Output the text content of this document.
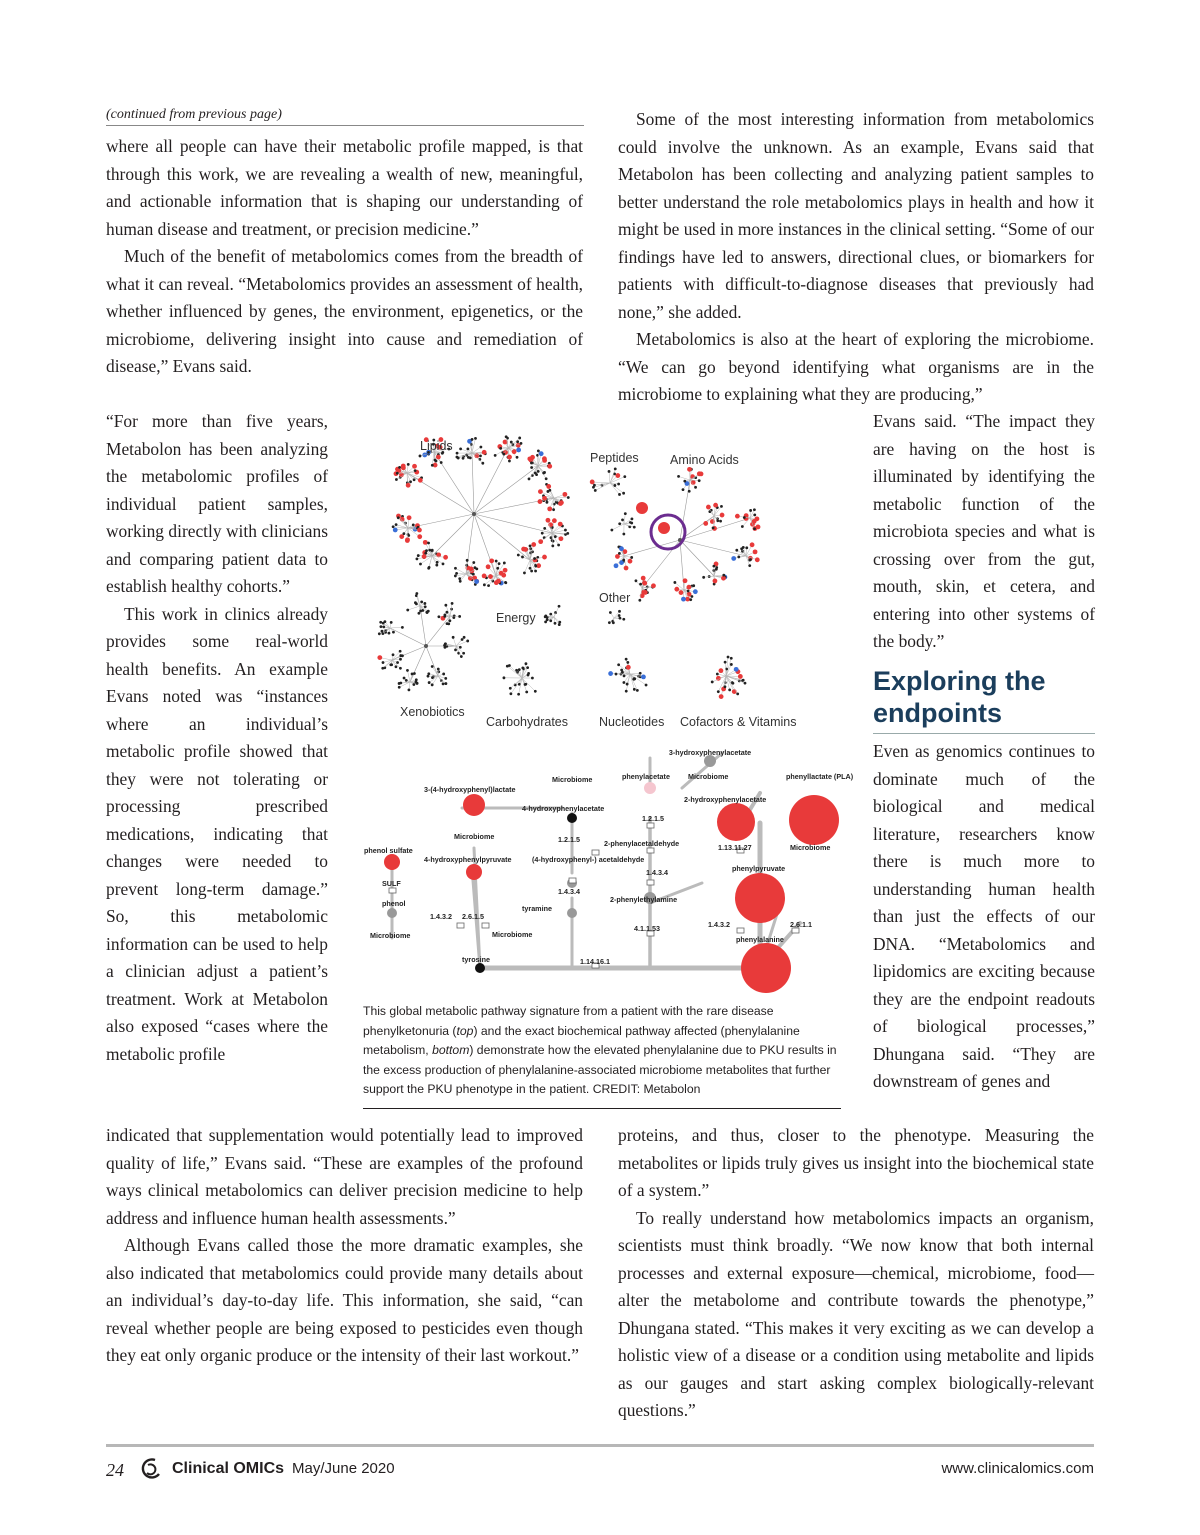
(continued from previous page)

where all people can have their metabolic profile mapped, is that through this work, we are revealing a wealth of new, meaningful, and actionable information that is shaping our understanding of human disease and treatment, or precision medicine.”

Much of the benefit of metabolomics comes from the breadth of what it can reveal. “Metabolomics provides an assessment of health, whether influenced by genes, the environment, epigenetics, or the microbiome, delivering insight into cause and remediation of disease,” Evans said.

“For more than five years, Metabolon has been analyzing the metabolomic profiles of individual patient samples, working directly with clinicians and comparing patient data to establish healthy cohorts.”

This work in clinics already provides some real-world health benefits. An example Evans noted was “instances where an individual’s metabolic profile showed that they were not tolerating or processing prescribed medications, indicating that changes were needed to prevent long-term damage.” So, this metabolomic information can be used to help a clinician adjust a patient’s treatment. Work at Metabolon also exposed “cases where the metabolic profile

indicated that supplementation would potentially lead to improved quality of life,” Evans said. “These are examples of the profound ways clinical metabolomics can deliver precision medicine to help address and influence human health assessments.”

Although Evans called those the more dramatic examples, she also indicated that metabolomics could provide many details about an individual’s day-to-day life. This information, she said, “can reveal whether people are being exposed to pesticides even though they eat only organic produce or the intensity of their last workout.”

Some of the most interesting information from metabolomics could involve the unknown. As an example, Evans said that Metabolon has been collecting and analyzing patient samples to better understand the role metabolomics plays in health and how it might be used in more instances in the clinical setting. “Some of our findings have led to answers, directional clues, or biomarkers for patients with difficult-to-diagnose diseases that previously had none,” she added.

Metabolomics is also at the heart of exploring the microbiome. “We can go beyond identifying what organisms are in the microbiome to explaining what they are producing,”

Evans said. “The impact they are having on the host is illuminated by identifying the metabolic function of the microbiota species and what is crossing over from the gut, mouth, skin, et cetera, and entering into other systems of the body.”

Exploring the endpoints

Even as genomics continues to dominate much of the biological and medical literature, researchers know there is much more to understanding human health than just the effects of our DNA. “Metabolomics and lipidomics are exciting because they are the endpoint readouts of biological processes,” Dhungana said. “They are downstream of genes and

proteins, and thus, closer to the phenotype. Measuring the metabolites or lipids truly gives us insight into the biochemical state of a system.”

To really understand how metabolomics impacts an organism, scientists must think broadly. “We now know that both internal processes and external exposure—chemical, microbiome, food—alter the metabolome and contribute towards the phenotype,” Dhungana stated. “This makes it very exciting as we can develop a holistic view of a disease or a condition using metabolite and lipids as our gauges and start asking complex biologically-relevant questions.”

Lipids
Peptides	Amino Acids
Other
Energy
Xenobiotics
Carbohydrates Nucleotides Cofactors & Vitamins
3-hydroxyphenylacetate
3-(4-hydroxyphenyl)lactate
Microbiome	phenylacetate	Microbiome	phenyllactate (PLA)
4-hydroxyphenylacetate
2-hydroxyphenylacetate
Microbiome
1.2.1.5
1.2.1.5	2-phenylacetaldehyde	1.13.11.27	Microbiome
phenol sulfate
4-hydroxyphenylpyruvate	(4-hydroxyphenyl-) acetaldehyde
phenylpyruvate
SULF
1.4.3.4
1.4.3.4
2-phenylethylamine
phenol
tyramine
1.4.3.2 2.6.1.5
Microbiome
4.1.1.53	1.4.3.2	2.6.1.1
Microbiome	phenylalanine
tyrosine	1.14.16.1
This global metabolic pathway signature from a patient with the rare disease phenylketonuria (top) and the exact biochemical pathway affected (phenylalanine metabolism, bottom) demonstrate how the elevated phenylalanine due to PKU results in the excess production of phenylalanine-associated microbiome metabolites that further support the PKU phenotype in the patient. CREDIT: Metabolon
24	Clinical OMICs May/June 2020	www.clinicalomics.com
